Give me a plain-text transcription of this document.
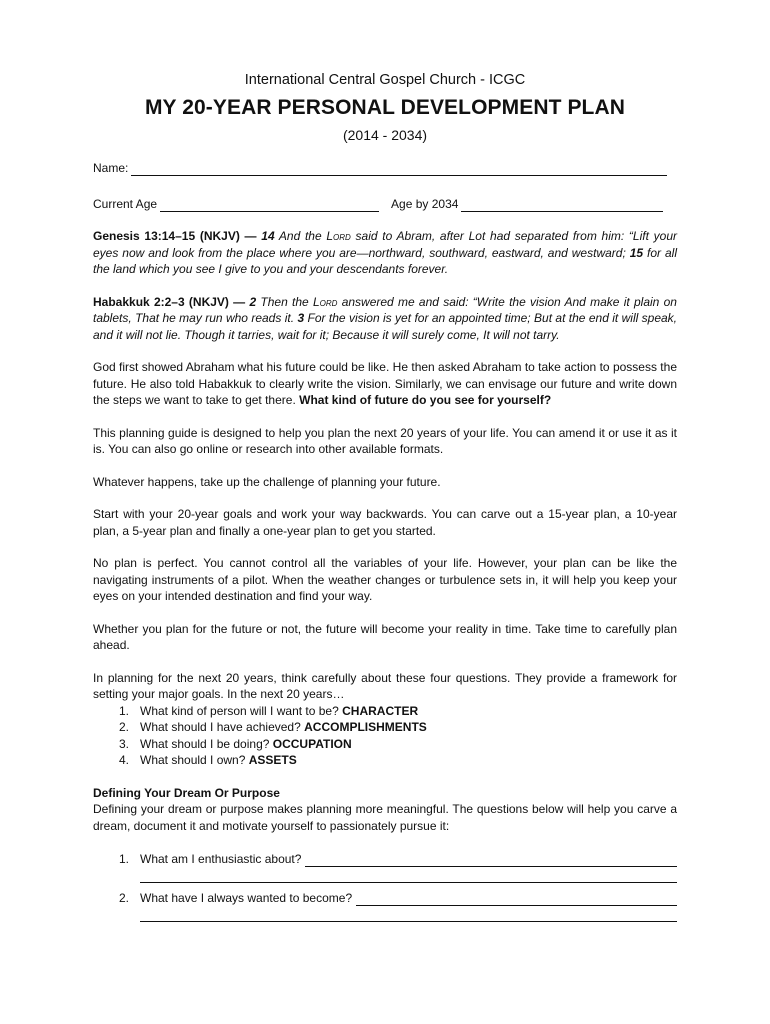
International Central Gospel Church - ICGC
MY 20-YEAR PERSONAL DEVELOPMENT PLAN
(2014 - 2034)
Name:
Current Age	Age by 2034

Genesis 13:14–15 (NKJV) — 14 And the Lord said to Abram, after Lot had separated from him: “Lift your eyes now and look from the place where you are—northward, southward, eastward, and westward; 15 for all the land which you see I give to you and your descendants forever.

Habakkuk 2:2–3 (NKJV) — 2 Then the Lord answered me and said: “Write the vision And make it plain on tablets, That he may run who reads it. 3 For the vision is yet for an appointed time; But at the end it will speak, and it will not lie. Though it tarries, wait for it; Because it will surely come, It will not tarry.

God first showed Abraham what his future could be like. He then asked Abraham to take action to possess the future. He also told Habakkuk to clearly write the vision. Similarly, we can envisage our future and write down the steps we want to take to get there. What kind of future do you see for yourself?

This planning guide is designed to help you plan the next 20 years of your life. You can amend it or use it as it is. You can also go online or research into other available formats.

Whatever happens, take up the challenge of planning your future.

Start with your 20-year goals and work your way backwards. You can carve out a 15-year plan, a 10-year plan, a 5-year plan and finally a one-year plan to get you started.

No plan is perfect. You cannot control all the variables of your life. However, your plan can be like the navigating instruments of a pilot. When the weather changes or turbulence sets in, it will help you keep your eyes on your intended destination and find your way.

Whether you plan for the future or not, the future will become your reality in time. Take time to carefully plan ahead.

In planning for the next 20 years, think carefully about these four questions. They provide a framework for setting your major goals. In the next 20 years…

1. What kind of person will I want to be? CHARACTER
2. What should I have achieved? ACCOMPLISHMENTS
3. What should I be doing? OCCUPATION
4. What should I own? ASSETS
Defining Your Dream Or Purpose

Defining your dream or purpose makes planning more meaningful. The questions below will help you carve a dream, document it and motivate yourself to passionately pursue it:

1. What am I enthusiastic about?
2. What have I always wanted to become?
